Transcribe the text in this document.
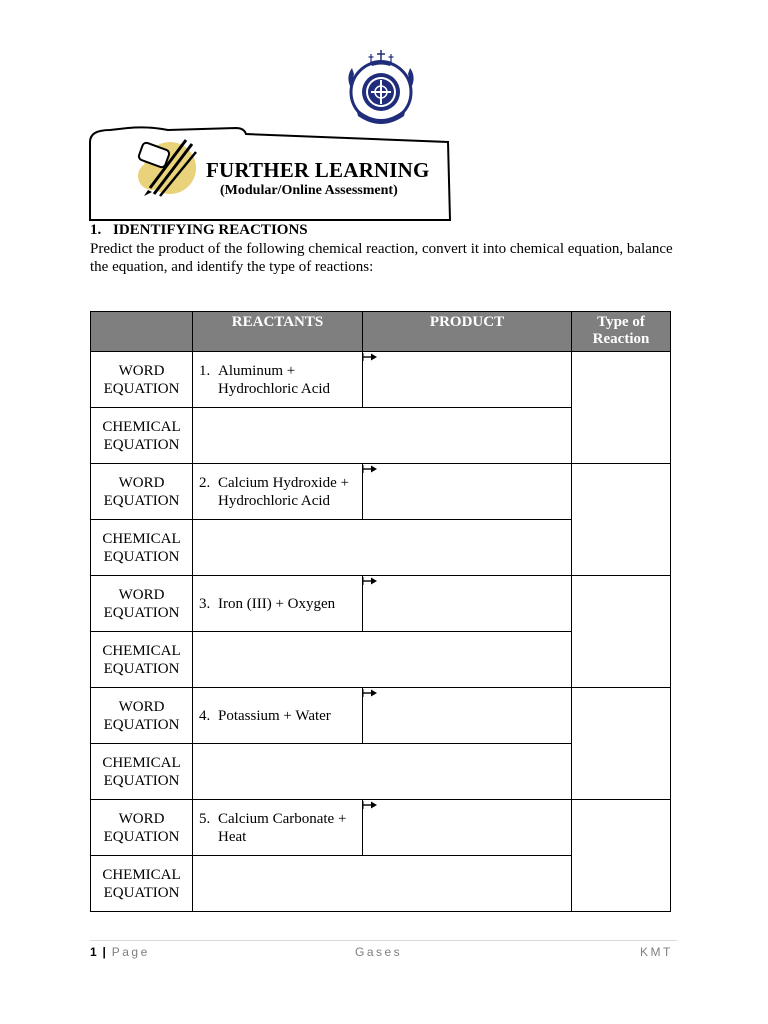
FURTHER LEARNING
(Modular/Online Assessment)
1. IDENTIFYING REACTIONS
Predict the product of the following chemical reaction, convert it into chemical equation, balance the equation, and identify the type of reactions:
	REACTANTS	PRODUCT	Type of Reaction
WORD EQUATION	1. Aluminum + Hydrochloric Acid	

CHEMICAL EQUATION			
WORD EQUATION	2. Calcium Hydroxide + Hydrochloric Acid	

CHEMICAL EQUATION			
WORD EQUATION	3. Iron (III) + Oxygen	

CHEMICAL EQUATION			
WORD EQUATION	4. Potassium + Water	

CHEMICAL EQUATION			
WORD EQUATION	5. Calcium Carbonate + Heat	

CHEMICAL EQUATION			
1 | Page	Gases	KMT
